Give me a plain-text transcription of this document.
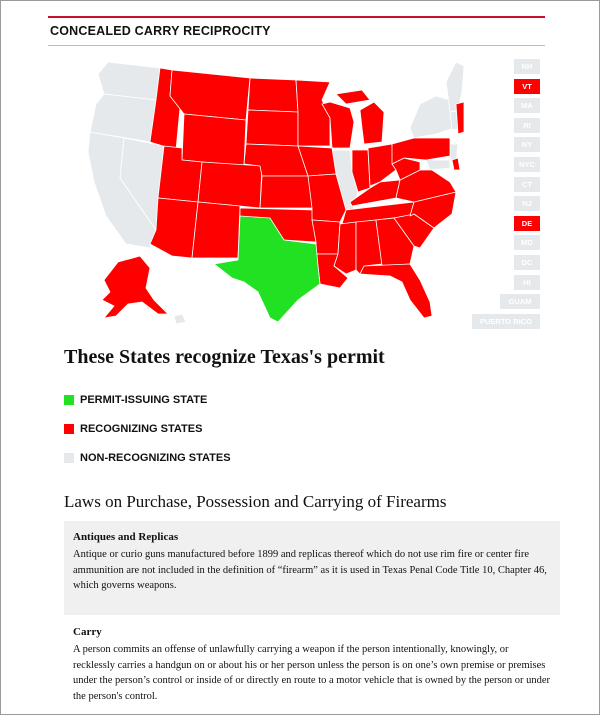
CONCEALED CARRY RECIPROCITY
NH
VT
MA
RI
NY
NYC
CT
NJ
DE
MD
DC
HI
GUAM
PUERTO RICO
These States recognize Texas's permit
PERMIT-ISSUING STATE
RECOGNIZING STATES
NON-RECOGNIZING STATES
Laws on Purchase, Possession and Carrying of Firearms

Antiques and Replicas

Antique or curio guns manufactured before 1899 and replicas thereof which do not use rim fire or center fire ammunition are not included in the definition of “firearm” as it is used in Texas Penal Code Title 10, Chapter 46, which governs weapons.

Carry

A person commits an offense of unlawfully carrying a weapon if the person intentionally, knowingly, or recklessly carries a handgun on or about his or her person unless the person is on one’s own premise or premises under the person’s control or inside of or directly en route to a motor vehicle that is owned by the person or under the person's control.
